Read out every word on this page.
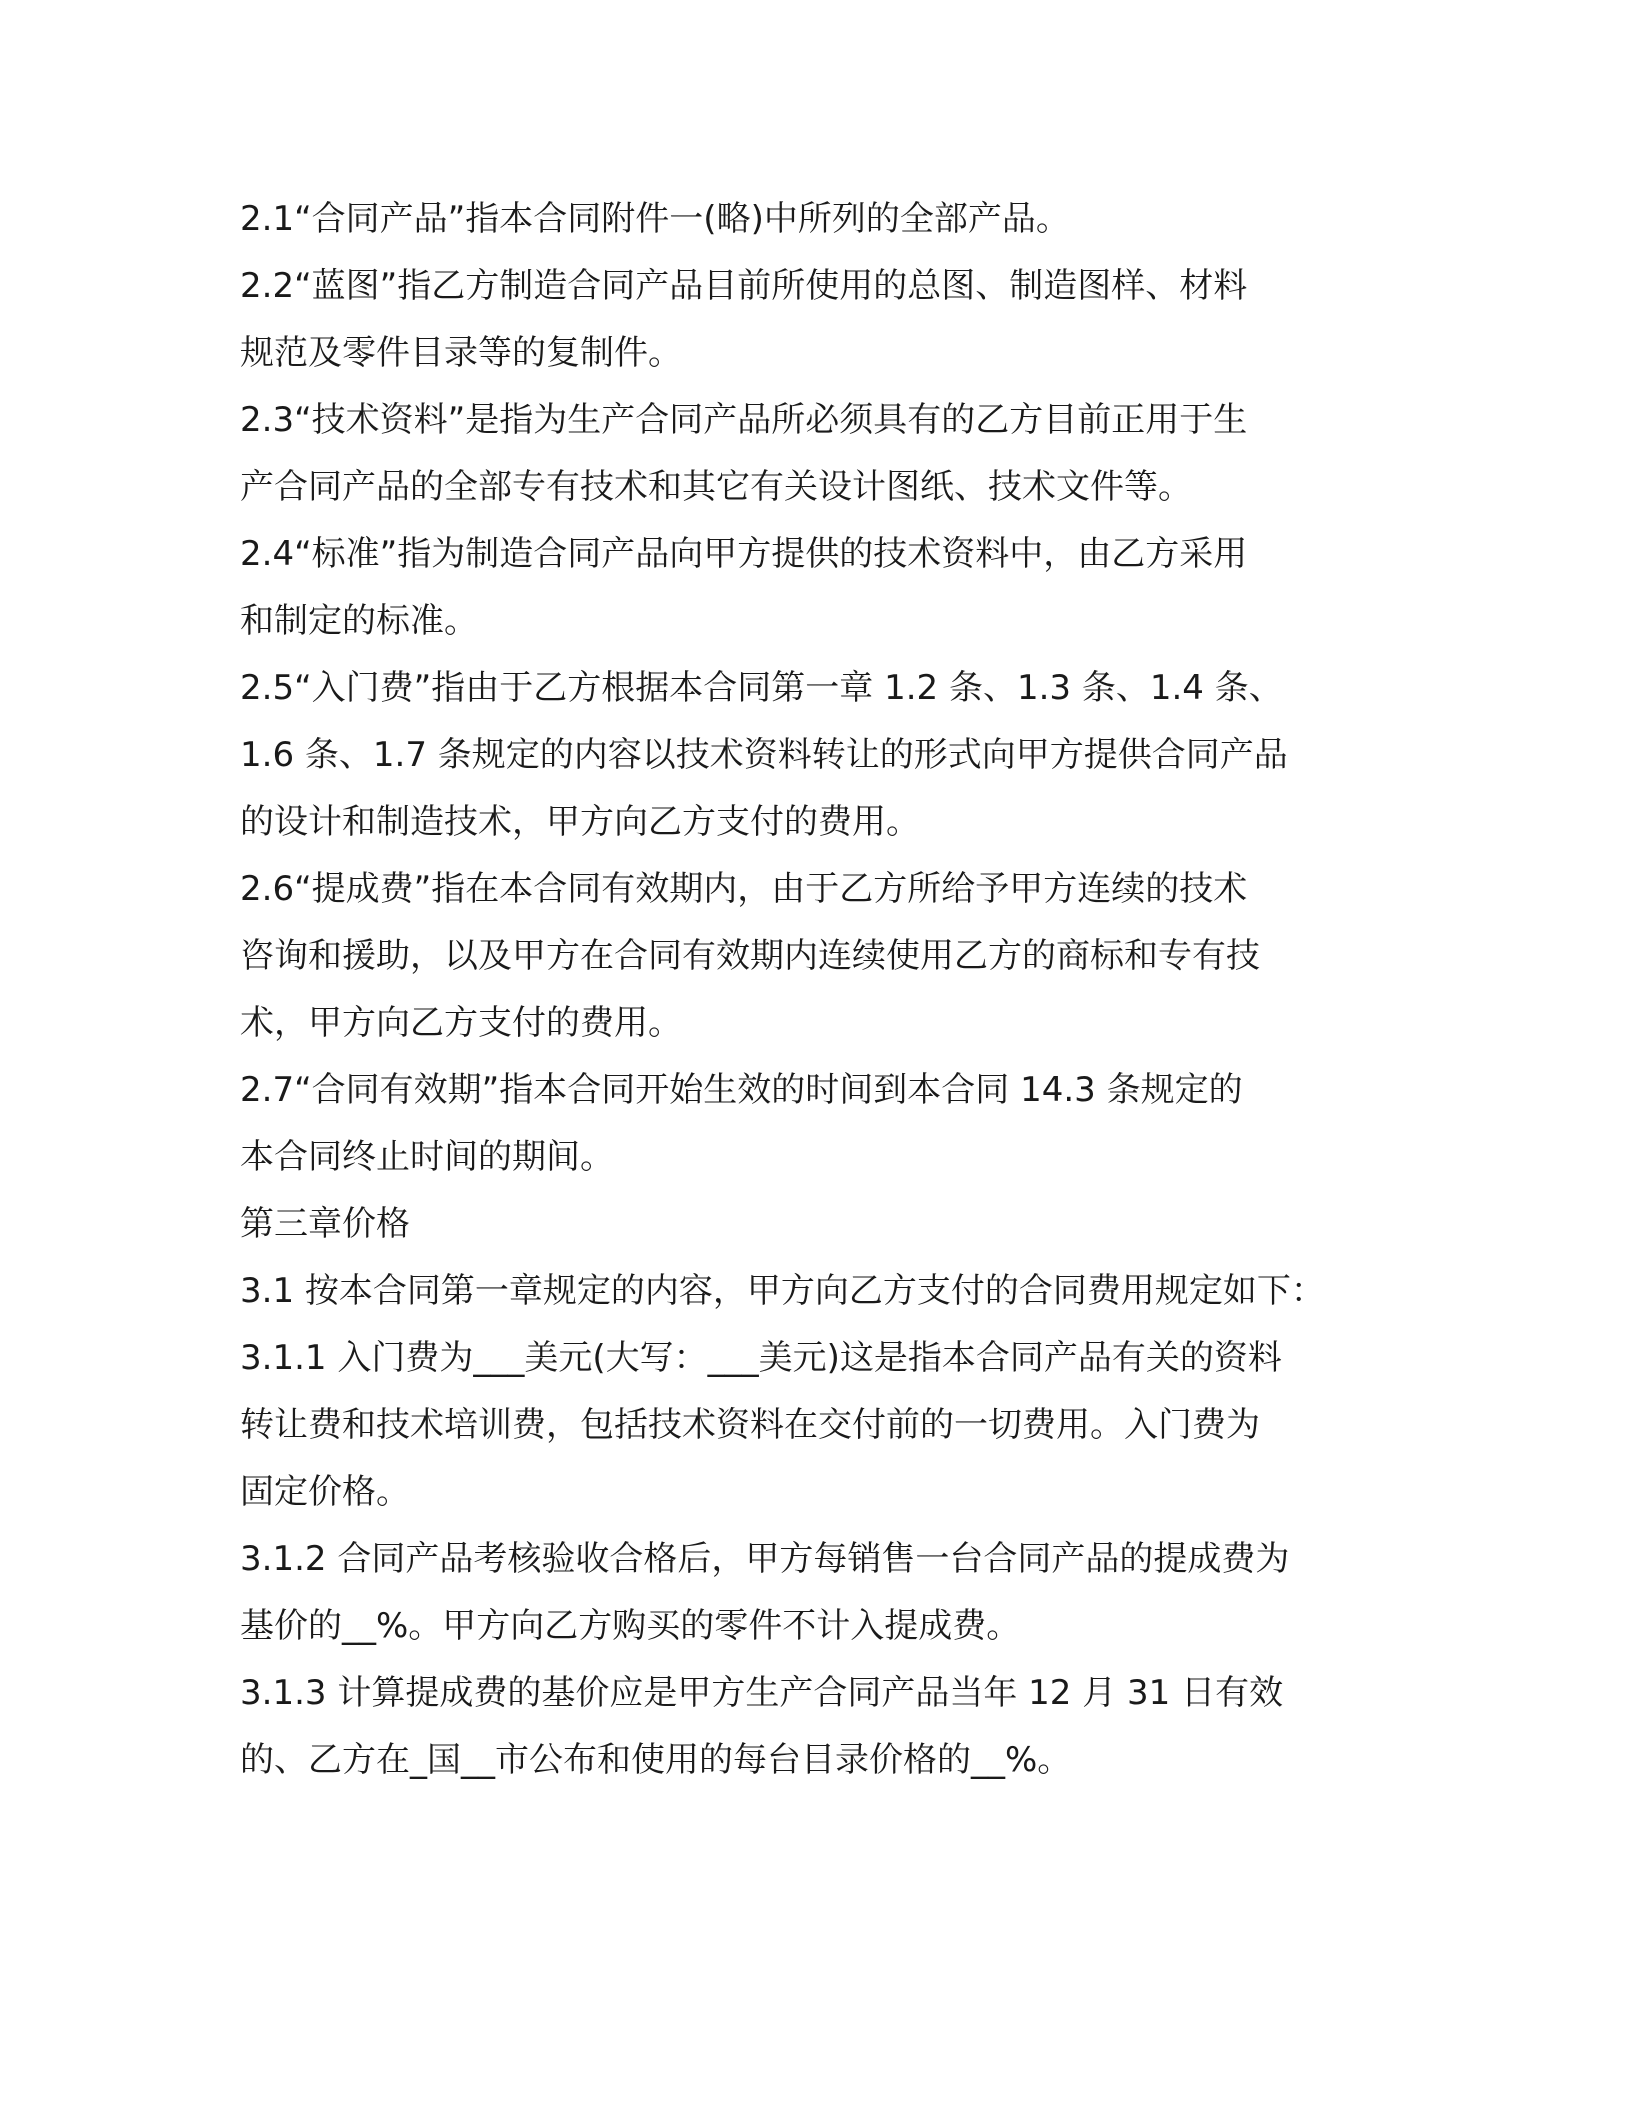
2.1“合同产品”指本合同附件一(略)中所列的全部产品。

2.2“蓝图”指乙方制造合同产品目前所使用的总图、制造图样、材料
规范及零件目录等的复制件。

2.3“技术资料”是指为生产合同产品所必须具有的乙方目前正用于生
产合同产品的全部专有技术和其它有关设计图纸、技术文件等。

2.4“标准”指为制造合同产品向甲方提供的技术资料中，由乙方采用
和制定的标准。

2.5“入门费”指由于乙方根据本合同第一章 1.2 条、1.3 条、1.4 条、
1.6 条、1.7 条规定的内容以技术资料转让的形式向甲方提供合同产品
的设计和制造技术，甲方向乙方支付的费用。

2.6“提成费”指在本合同有效期内，由于乙方所给予甲方连续的技术
咨询和援助，以及甲方在合同有效期内连续使用乙方的商标和专有技
术，甲方向乙方支付的费用。

2.7“合同有效期”指本合同开始生效的时间到本合同 14.3 条规定的
本合同终止时间的期间。

第三章价格

3.1 按本合同第一章规定的内容，甲方向乙方支付的合同费用规定如下：

3.1.1 入门费为___美元(大写：___美元)这是指本合同产品有关的资料
转让费和技术培训费，包括技术资料在交付前的一切费用。入门费为
固定价格。

3.1.2 合同产品考核验收合格后，甲方每销售一台合同产品的提成费为
基价的__%。甲方向乙方购买的零件不计入提成费。

3.1.3 计算提成费的基价应是甲方生产合同产品当年 12 月 31 日有效
的、乙方在_国__市公布和使用的每台目录价格的__%。
